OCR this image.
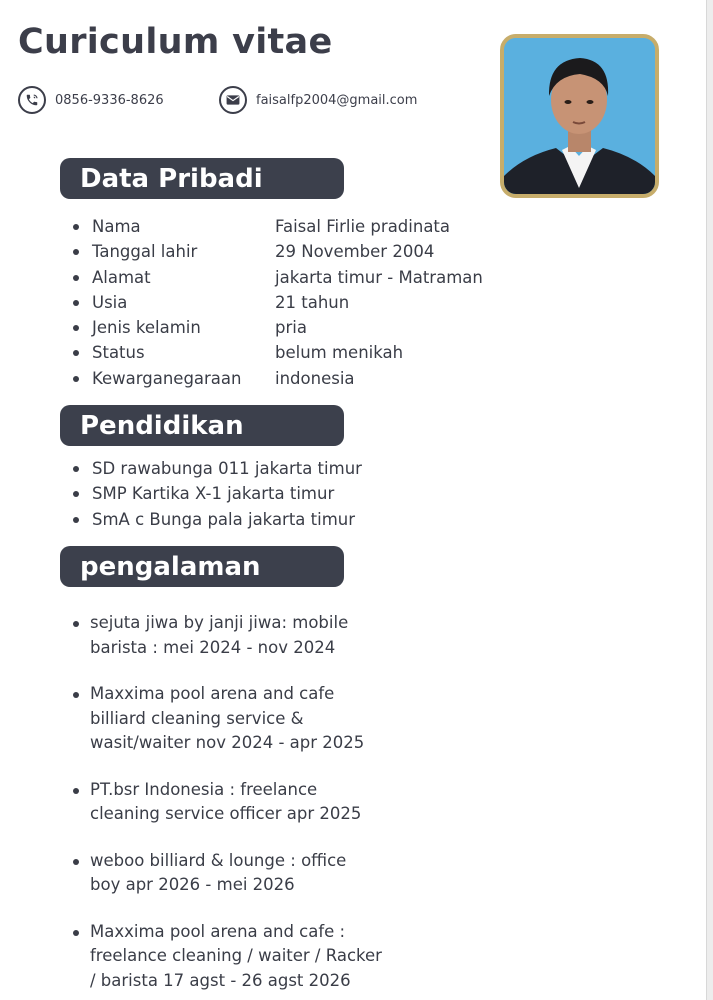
Curiculum vitae
0856-9336-8626	faisalfp2004@gmail.com
Data Pribadi
Nama	Faisal Firlie pradinata
Tanggal lahir	29 November 2004
Alamat	jakarta timur - Matraman
Usia	21 tahun
Jenis kelamin	pria
Status	belum menikah
Kewarganegaraan indonesia
Pendidikan
SD rawabunga 011 jakarta timur
SMP Kartika X-1 jakarta timur
SmA c Bunga pala jakarta timur
pengalaman
sejuta jiwa by janji jiwa: mobile
barista : mei 2024 - nov 2024
Maxxima pool arena and cafe
billiard cleaning service &
wasit/waiter nov 2024 - apr 2025
PT.bsr Indonesia : freelance
cleaning service officer apr 2025
weboo billiard & lounge : office
boy apr 2026 - mei 2026
Maxxima pool arena and cafe :
freelance cleaning / waiter / Racker
/ barista 17 agst - 26 agst 2026
